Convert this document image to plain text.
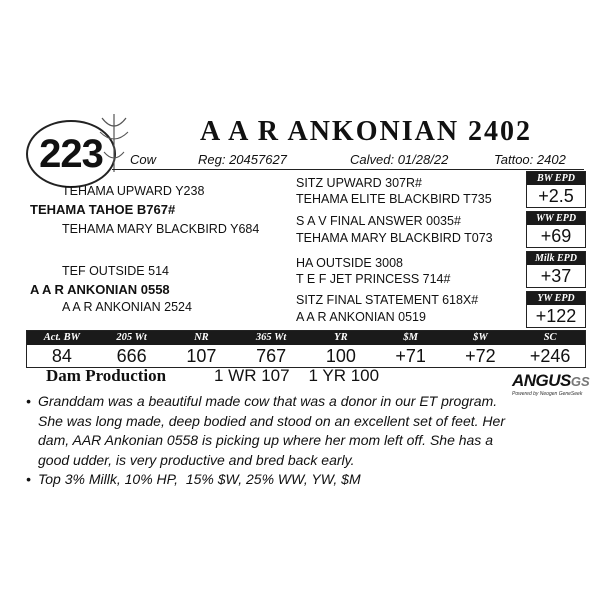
223	A A R ANKONIAN 2402
Cow	Reg: 20457627	Calved: 01/28/22	Tattoo: 2402
TEHAMA UPWARD Y238
TEHAMA TAHOE B767#
TEHAMA MARY BLACKBIRD Y684
SITZ UPWARD 307R#
TEHAMA ELITE BLACKBIRD T735
S A V FINAL ANSWER 0035#
TEHAMA MARY BLACKBIRD T073
TEF OUTSIDE 514
A A R ANKONIAN 0558
A A R ANKONIAN 2524
HA OUTSIDE 3008
T E F JET PRINCESS 714#
SITZ FINAL STATEMENT 618X#
A A R ANKONIAN 0519
BW EPD
+2.5
WW EPD
+69
Milk EPD
+37
YW EPD
+122
Act. BW	205 Wt	NR	365 Wt	YR	$M	$W	SC
84	666	107	767	100	+71	+72	+246
Dam Production	1 WR 107    1 YR 100	ANGUS GS
Powered by Neogen GeneSeek
• Granddam was a beautiful made cow that was a donor in our ET program. She was long made, deep bodied and stood on an excellent set of feet. Her dam, AAR Ankonian 0558 is picking up where her mom left off. She has a good udder, is very productive and bred back early.
• Top 3% Millk, 10% HP,  15% $W, 25% WW, YW, $M
